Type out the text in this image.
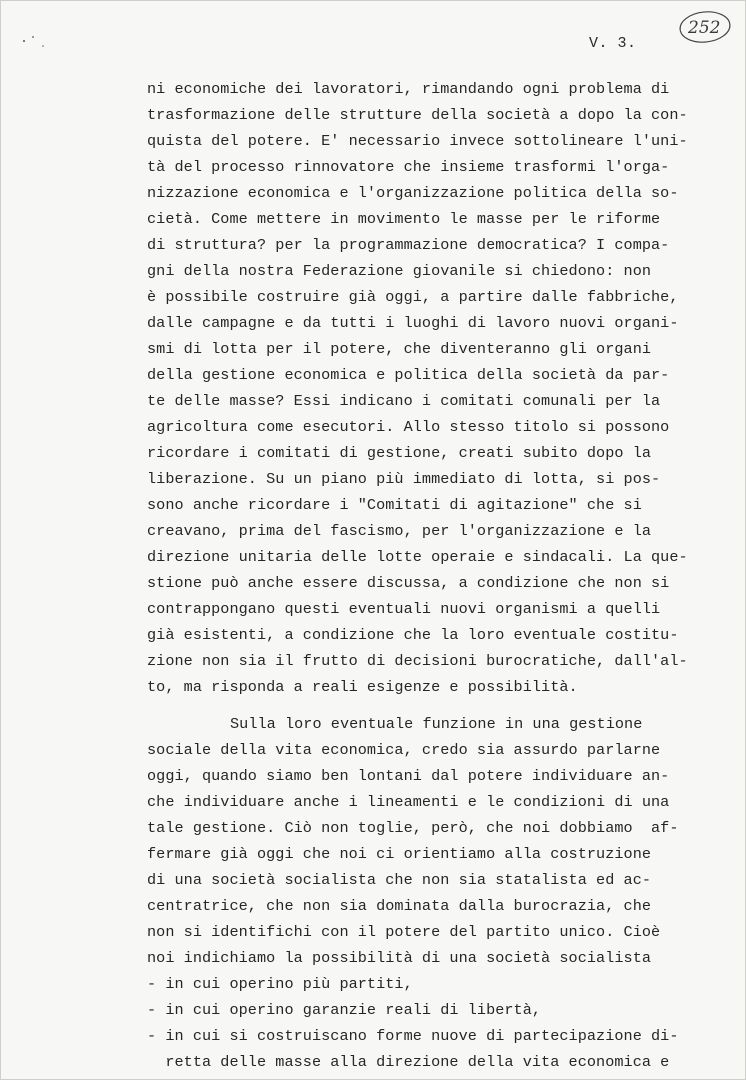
V. 3.
252
ni economiche dei lavoratori, rimandando ogni problema di
trasformazione delle strutture della società a dopo la con-
quista del potere. E' necessario invece sottolineare l'uni-
tà del processo rinnovatore che insieme trasformi l'orga-
nizzazione economica e l'organizzazione politica della so-
cietà. Come mettere in movimento le masse per le riforme
di struttura? per la programmazione democratica? I compa-
gni della nostra Federazione giovanile si chiedono: non
è possibile costruire già oggi, a partire dalle fabbriche,
dalle campagne e da tutti i luoghi di lavoro nuovi organi-
smi di lotta per il potere, che diventeranno gli organi
della gestione economica e politica della società da par-
te delle masse? Essi indicano i comitati comunali per la
agricoltura come esecutori. Allo stesso titolo si possono
ricordare i comitati di gestione, creati subito dopo la
liberazione. Su un piano più immediato di lotta, si pos-
sono anche ricordare i "Comitati di agitazione" che si
creavano, prima del fascismo, per l'organizzazione e la
direzione unitaria delle lotte operaie e sindacali. La que-
stione può anche essere discussa, a condizione che non si
contrappongano questi eventuali nuovi organismi a quelli
già esistenti, a condizione che la loro eventuale costitu-
zione non sia il frutto di decisioni burocratiche, dall'al-
to, ma risponda a reali esigenze e possibilità.
Sulla loro eventuale funzione in una gestione
sociale della vita economica, credo sia assurdo parlarne
oggi, quando siamo ben lontani dal potere individuare an-
che individuare anche i lineamenti e le condizioni di una
tale gestione. Ciò non toglie, però, che noi dobbiamo  af-
fermare già oggi che noi ci orientiamo alla costruzione
di una società socialista che non sia statalista ed ac-
centratrice, che non sia dominata dalla burocrazia, che
non si identifichi con il potere del partito unico. Cioè
noi indichiamo la possibilità di una società socialista
- in cui operino più partiti,
- in cui operino garanzie reali di libertà,
- in cui si costruiscano forme nuove di partecipazione di-
retta delle masse alla direzione della vita economica e
